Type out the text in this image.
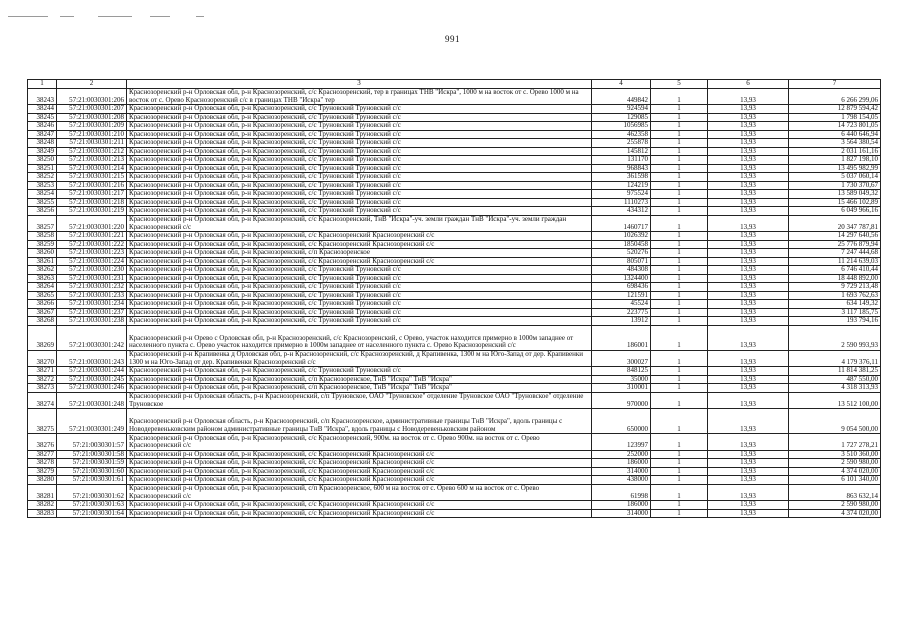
991
1	2	3	4	5	6	7
38243	57:21:0030301:206	Краснозоренский р-н Орловская обл, р-н Краснозоренский, с/с Краснозоренский, тер в границах ТНВ "Искра", 1000 м на восток от с. Орево 1000 м на восток от с. Орево Краснозоренский с/с в границах ТНВ "Искра" тер	449842	1	13,93	6 266 299,06
38244	57:21:0030301:207	Краснозоренский р-н Орловская обл, р-н Краснозоренский, с/с Труновский Труновский с/с	924594	1	13,93	12 879 594,42
38245	57:21:0030301:208	Краснозоренский р-н Орловская обл, р-н Краснозоренский, с/с Труновский Труновский с/с	129085	1	13,93	1 798 154,05
38246	57:21:0030301:209	Краснозоренский р-н Орловская обл, р-н Краснозоренский, с/с Труновский Труновский с/с	1056985	1	13,93	14 723 801,05
38247	57:21:0030301:210	Краснозоренский р-н Орловская обл, р-н Краснозоренский, с/с Труновский Труновский с/с	462358	1	13,93	6 440 646,94
38248	57:21:0030301:211	Краснозоренский р-н Орловская обл, р-н Краснозоренский, с/с Труновский Труновский с/с	255878	1	13,93	3 564 380,54
38249	57:21:0030301:212	Краснозоренский р-н Орловская обл, р-н Краснозоренский, с/с Труновский Труновский с/с	145812	1	13,93	2 031 161,16
38250	57:21:0030301:213	Краснозоренский р-н Орловская обл, р-н Краснозоренский, с/с Труновский Труновский с/с	131170	1	13,93	1 827 198,10
38251	57:21:0030301:214	Краснозоренский р-н Орловская обл, р-н Краснозоренский, с/с Труновский Труновский с/с	968843	1	13,93	13 495 982,99
38252	57:21:0030301:215	Краснозоренский р-н Орловская обл, р-н Краснозоренский, с/с Труновский Труновский с/с	361598	1	13,93	5 037 060,14
38253	57:21:0030301:216	Краснозоренский р-н Орловская обл, р-н Краснозоренский, с/с Труновский Труновский с/с	124219	1	13,93	1 730 370,67
38254	57:21:0030301:217	Краснозоренский р-н Орловская обл, р-н Краснозоренский, с/с Труновский Труновский с/с	975524	1	13,93	13 589 049,32
38255	57:21:0030301:218	Краснозоренский р-н Орловская обл, р-н Краснозоренский, с/с Труновский Труновский с/с	1110273	1	13,93	15 466 102,89
38256	57:21:0030301:219	Краснозоренский р-н Орловская обл, р-н Краснозоренский, с/с Труновский Труновский с/с	434312	1	13,93	6 049 966,16
38257	57:21:0030301:220	Краснозоренский р-н Орловская обл, р-н Краснозоренский, с/с Краснозоренский, ТнВ "Искра"-уч. земли граждан ТнВ "Искра"-уч. земли граждан Краснозоренский с/с	1460717	1	13,93	20 347 787,81
38258	57:21:0030301:221	Краснозоренский р-н Орловская обл, р-н Краснозоренский, с/с Краснозоренский Краснозоренский с/с	1026392	1	13,93	14 297 640,56
38259	57:21:0030301:222	Краснозоренский р-н Орловская обл, р-н Краснозоренский, с/с Краснозоренский Краснозоренский с/с	1850458	1	13,93	25 776 879,94
38260	57:21:0030301:223	Краснозоренский р-н Орловская обл, р-н Краснозоренский, с/п Краснозоренское	520276	1	13,93	7 247 444,68
38261	57:21:0030301:224	Краснозоренский р-н Орловская обл, р-н Краснозоренский, с/с Краснозоренский Краснозоренский с/с	805071	1	13,93	11 214 639,03
38262	57:21:0030301:230	Краснозоренский р-н Орловская обл, р-н Краснозоренский, с/с Труновский Труновский с/с	484308	1	13,93	6 746 410,44
38263	57:21:0030301:231	Краснозоренский р-н Орловская обл, р-н Краснозоренский, с/с Труновский Труновский с/с	1324400	1	13,93	18 448 892,00
38264	57:21:0030301:232	Краснозоренский р-н Орловская обл, р-н Краснозоренский, с/с Труновский Труновский с/с	698436	1	13,93	9 729 213,48
38265	57:21:0030301:233	Краснозоренский р-н Орловская обл, р-н Краснозоренский, с/с Труновский Труновский с/с	121591	1	13,93	1 693 762,63
38266	57:21:0030301:234	Краснозоренский р-н Орловская обл, р-н Краснозоренский, с/с Труновский Труновский с/с	45524	1	13,93	634 149,32
38267	57:21:0030301:237	Краснозоренский р-н Орловская обл, р-н Краснозоренский, с/с Труновский Труновский с/с	223775	1	13,93	3 117 185,75
38268	57:21:0030301:238	Краснозоренский р-н Орловская обл, р-н Краснозоренский, с/с Труновский Труновский с/с	13912	1	13,93	193 794,16
38269	57:21:0030301:242	Краснозоренский р-н Орево с Орловская обл, р-н Краснозоренский, с/с Краснозоренский, с Орево, участок находится примерно в 1000м западнее от населенного пункта с. Орево участок находится примерно в 1000м западнее от населенного пункта с. Орево Краснозоренский с/с	186001	1	13,93	2 590 993,93
38270	57:21:0030301:243	Краснозоренский р-н Крапивенка д Орловская обл, р-н Краснозоренский, с/с Краснозоренский, д Крапивенка, 1300 м на Юго-Запад от дер. Крапивенки 1300 м на Юго-Запад от дер. Крапивенки Краснозоренский с/с	300027	1	13,93	4 179 376,11
38271	57:21:0030301:244	Краснозоренский р-н Орловская обл, р-н Краснозоренский, с/с Труновский Труновский с/с	848125	1	13,93	11 814 381,25
38272	57:21:0030301:245	Краснозоренский р-н Орловская обл, р-н Краснозоренский, с/п Краснозоренское, ТнВ "Искра" ТнВ "Искра"	35000	1	13,93	487 550,00
38273	57:21:0030301:246	Краснозоренский р-н Орловская обл, р-н Краснозоренский, с/п Краснозоренское, ТнВ "Искра" ТнВ "Искра"	310001	1	13,93	4 318 313,93
38274	57:21:0030301:248	Краснозоренский р-н Орловская область, р-н Краснозоренский, с/п Труновское, ОАО "Труновское" отделение Труновское ОАО "Труновское" отделение Труновское	970000	1	13,93	13 512 100,00
38275	57:21:0030301:249	Краснозоренский р-н Орловская область, р-н Краснозоренский, с/п Краснозоренское, административные границы ТнВ "Искра", вдоль границы с Новодеревеньковским районом административные границы ТнВ "Искра", вдоль границы с Новодеревеньковским районом	650000	1	13,93	9 054 500,00
38276	57:21:0030301:57	Краснозоренский р-н Орловская обл, р-н Краснозоренский, с/с Краснозоренский, 900м. на восток от с. Орево 900м. на восток от с. Орево Краснозоренский с/с	123997	1	13,93	1 727 278,21
38277	57:21:0030301:58	Краснозоренский р-н Орловская обл, р-н Краснозоренский, с/с Краснозоренский Краснозоренский с/с	252000	1	13,93	3 510 360,00
38278	57:21:0030301:59	Краснозоренский р-н Орловская обл, р-н Краснозоренский, с/с Краснозоренский Краснозоренский с/с	186000	1	13,93	2 590 980,00
38279	57:21:0030301:60	Краснозоренский р-н Орловская обл, р-н Краснозоренский, с/с Краснозоренский Краснозоренский с/с	314000	1	13,93	4 374 020,00
38280	57:21:0030301:61	Краснозоренский р-н Орловская обл, р-н Краснозоренский, с/с Краснозоренский Краснозоренский с/с	438000	1	13,93	6 101 340,00
38281	57:21:0030301:62	Краснозоренский р-н Орловская обл, р-н Краснозоренский, с/п Краснозоренское, 600 м на восток от с. Орево 600 м на восток от с. Орево Краснозоренский с/с	61998	1	13,93	863 632,14
38282	57:21:0030301:63	Краснозоренский р-н Орловская обл, р-н Краснозоренский, с/с Краснозоренский Краснозоренский с/с	186000	1	13,93	2 590 980,00
38283	57:21:0030301:64	Краснозоренский р-н Орловская обл, р-н Краснозоренский, с/с Краснозоренский Краснозоренский с/с	314000	1	13,93	4 374 020,00
